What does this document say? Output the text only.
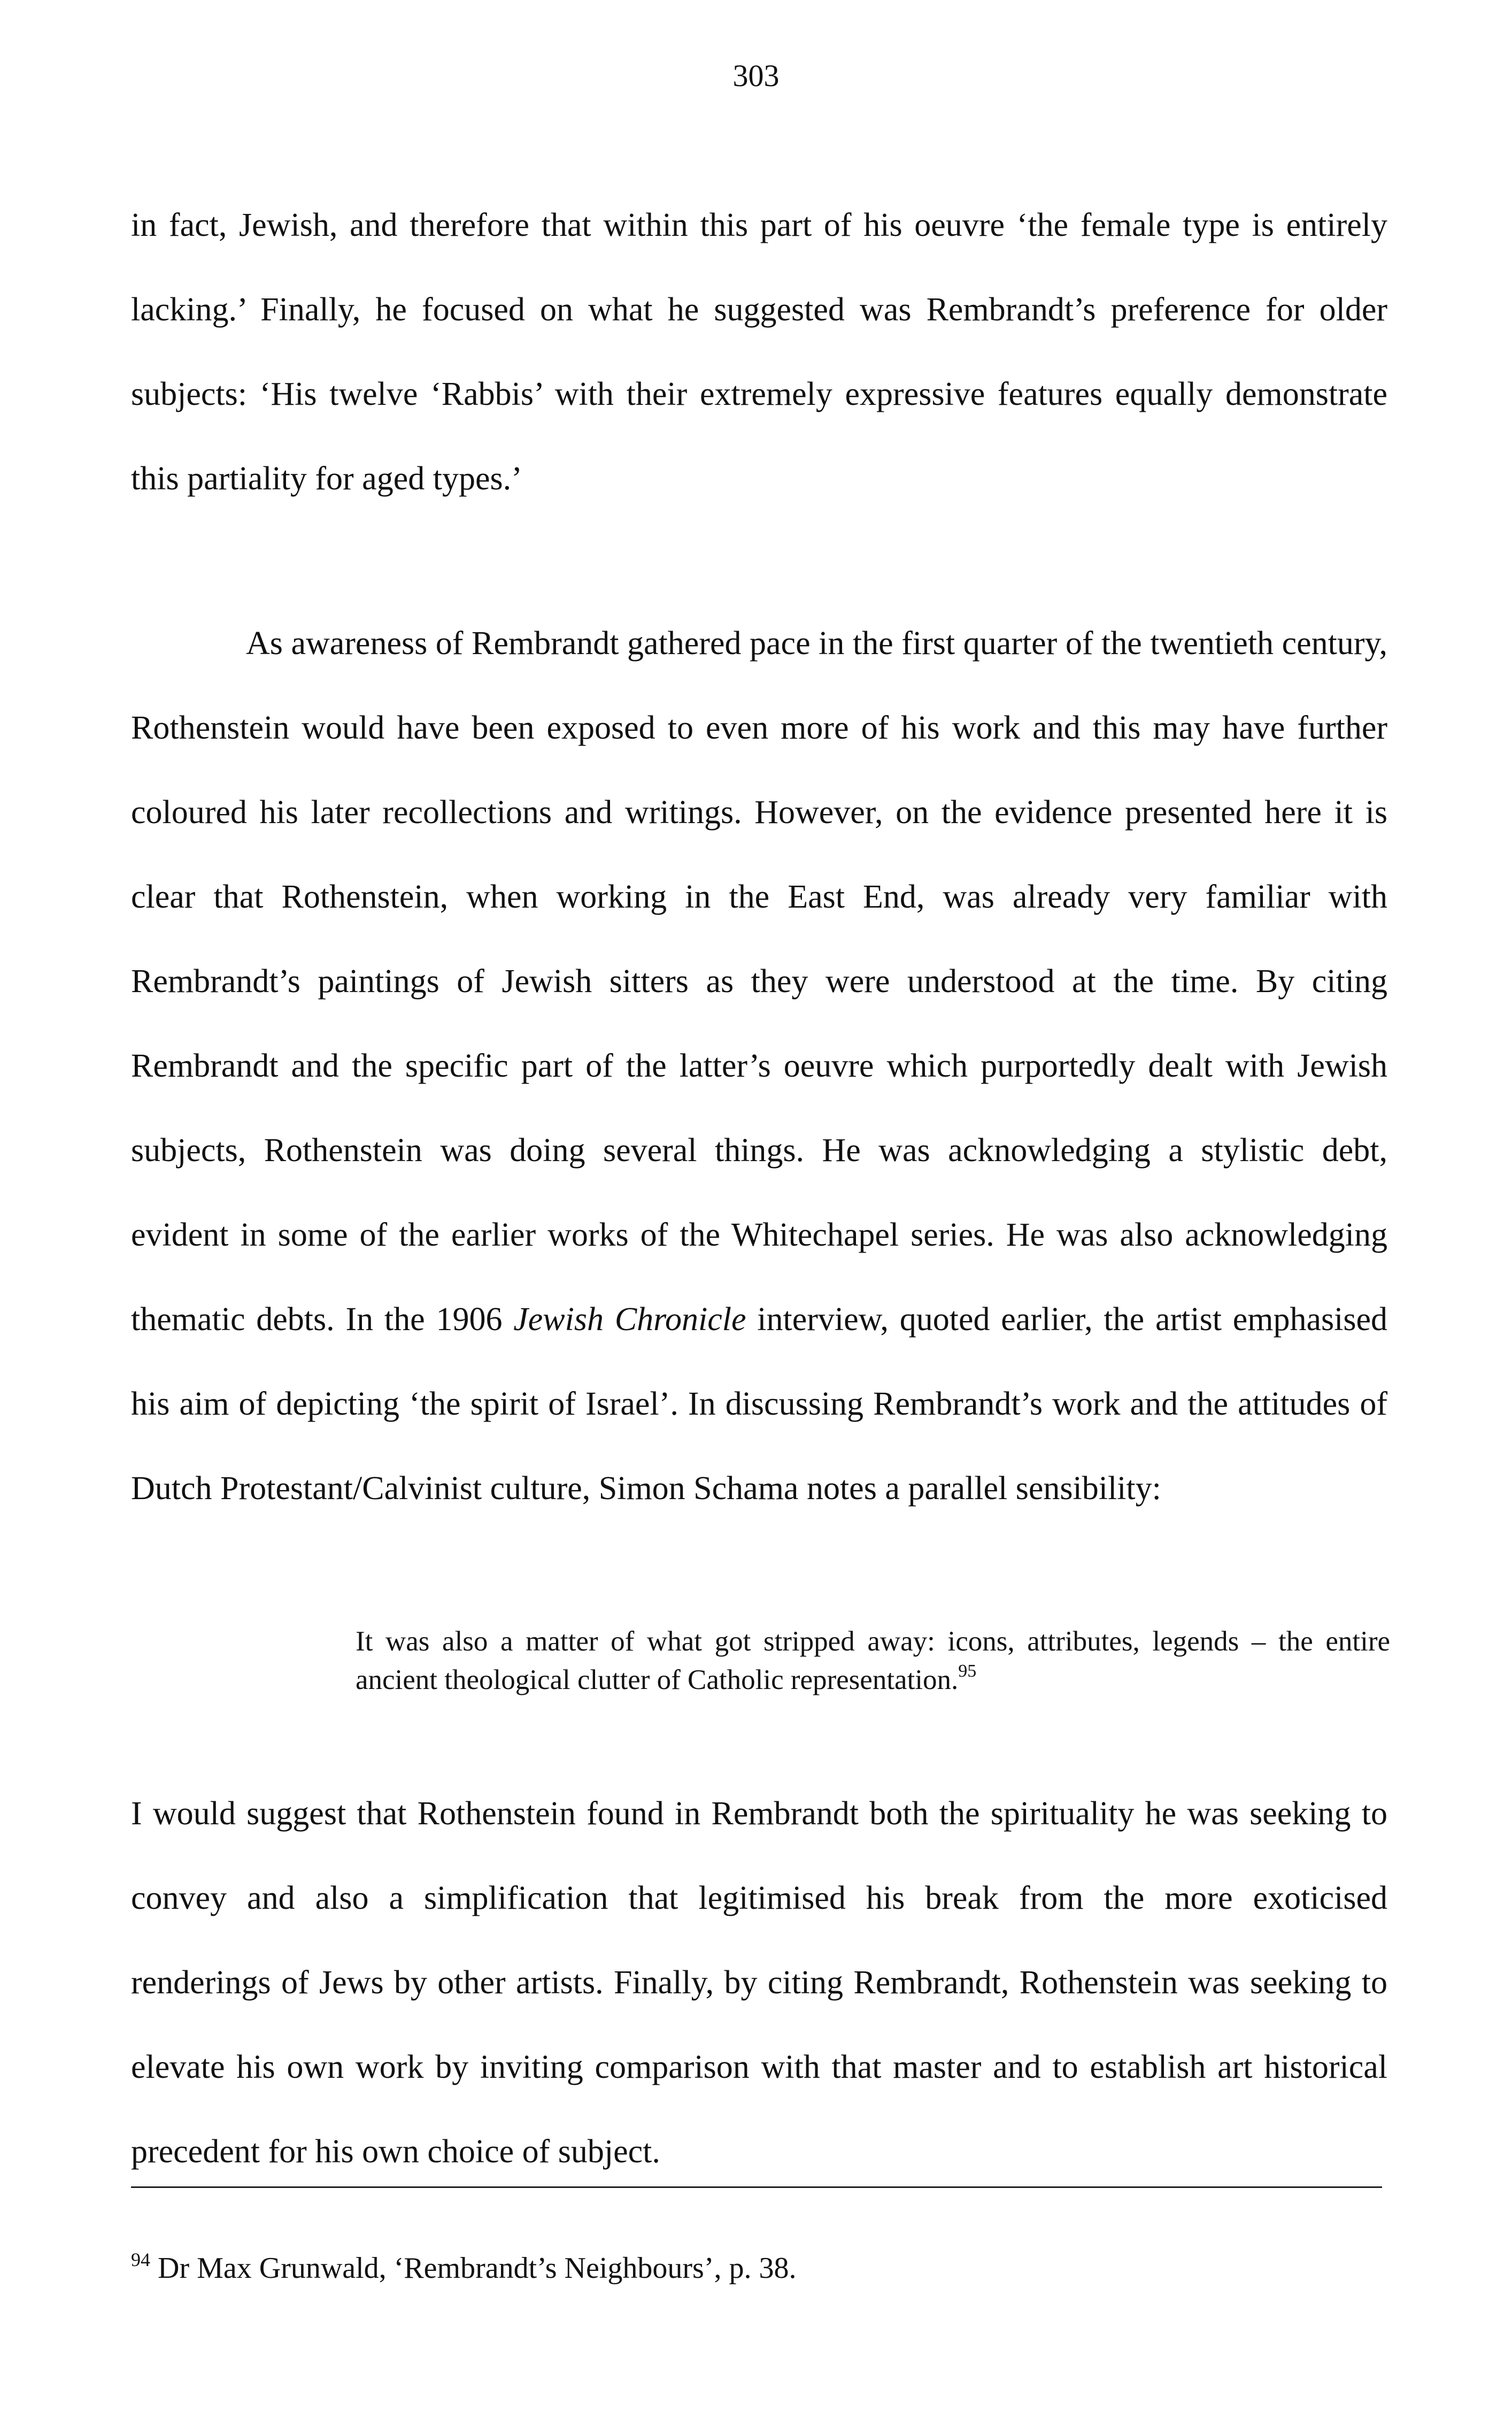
303

in fact, Jewish, and therefore that within this part of his oeuvre ‘the female type is entirely lacking.’ Finally, he focused on what he suggested was Rembrandt’s preference for older subjects: ‘His twelve ‘Rabbis’ with their extremely expressive features equally demonstrate this partiality for aged types.’

As awareness of Rembrandt gathered pace in the first quarter of the twentieth century, Rothenstein would have been exposed to even more of his work and this may have further coloured his later recollections and writings. However, on the evidence presented here it is clear that Rothenstein, when working in the East End, was already very familiar with Rembrandt’s paintings of Jewish sitters as they were understood at the time. By citing Rembrandt and the specific part of the latter’s oeuvre which purportedly dealt with Jewish subjects, Rothenstein was doing several things. He was acknowledging a stylistic debt, evident in some of the earlier works of the Whitechapel series. He was also acknowledging thematic debts. In the 1906 Jewish Chronicle interview, quoted earlier, the artist emphasised his aim of depicting ‘the spirit of Israel’. In discussing Rembrandt’s work and the attitudes of Dutch Protestant/Calvinist culture, Simon Schama notes a parallel sensibility:

It was also a matter of what got stripped away: icons, attributes, legends – the entire ancient theological clutter of Catholic representation.$^{95}$

I would suggest that Rothenstein found in Rembrandt both the spirituality he was seeking to convey and also a simplification that legitimised his break from the more exoticised renderings of Jews by other artists. Finally, by citing Rembrandt, Rothenstein was seeking to elevate his own work by inviting comparison with that master and to establish art historical precedent for his own choice of subject.

$^{94}$ Dr Max Grunwald, ‘Rembrandt’s Neighbours’, p. 38.
